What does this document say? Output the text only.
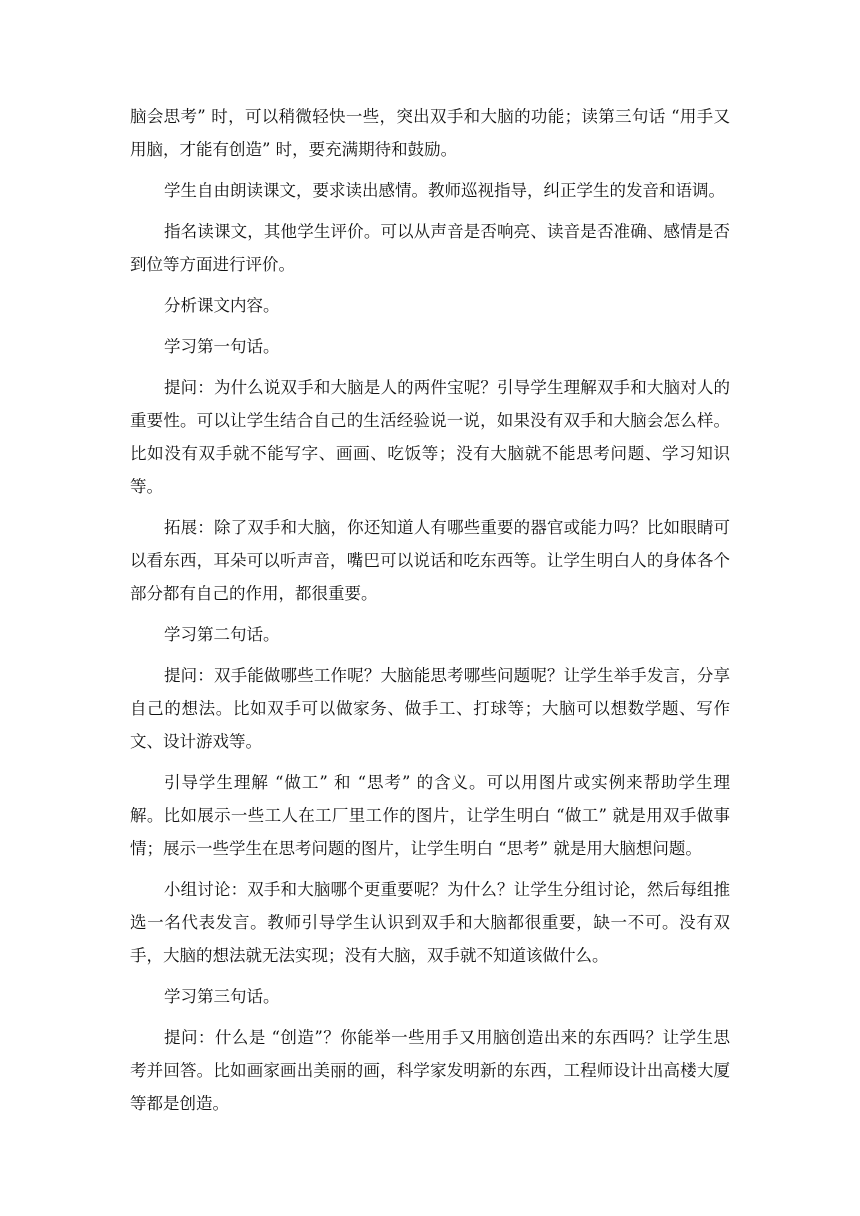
脑会思考” 时，可以稍微轻快一些，突出双手和大脑的功能；读第三句话 “用手又用脑，才能有创造” 时，要充满期待和鼓励。

学生自由朗读课文，要求读出感情。教师巡视指导，纠正学生的发音和语调。

指名读课文，其他学生评价。可以从声音是否响亮、读音是否准确、感情是否到位等方面进行评价。

分析课文内容。

学习第一句话。

提问：为什么说双手和大脑是人的两件宝呢？引导学生理解双手和大脑对人的重要性。可以让学生结合自己的生活经验说一说，如果没有双手和大脑会怎么样。比如没有双手就不能写字、画画、吃饭等；没有大脑就不能思考问题、学习知识等。

拓展：除了双手和大脑，你还知道人有哪些重要的器官或能力吗？比如眼睛可以看东西，耳朵可以听声音，嘴巴可以说话和吃东西等。让学生明白人的身体各个部分都有自己的作用，都很重要。

学习第二句话。

提问：双手能做哪些工作呢？大脑能思考哪些问题呢？让学生举手发言，分享自己的想法。比如双手可以做家务、做手工、打球等；大脑可以想数学题、写作文、设计游戏等。

引导学生理解 “做工” 和 “思考” 的含义。可以用图片或实例来帮助学生理解。比如展示一些工人在工厂里工作的图片，让学生明白 “做工” 就是用双手做事情；展示一些学生在思考问题的图片，让学生明白 “思考” 就是用大脑想问题。

小组讨论：双手和大脑哪个更重要呢？为什么？让学生分组讨论，然后每组推选一名代表发言。教师引导学生认识到双手和大脑都很重要，缺一不可。没有双手，大脑的想法就无法实现；没有大脑，双手就不知道该做什么。

学习第三句话。

提问：什么是 “创造”？你能举一些用手又用脑创造出来的东西吗？让学生思考并回答。比如画家画出美丽的画，科学家发明新的东西，工程师设计出高楼大厦等都是创造。
